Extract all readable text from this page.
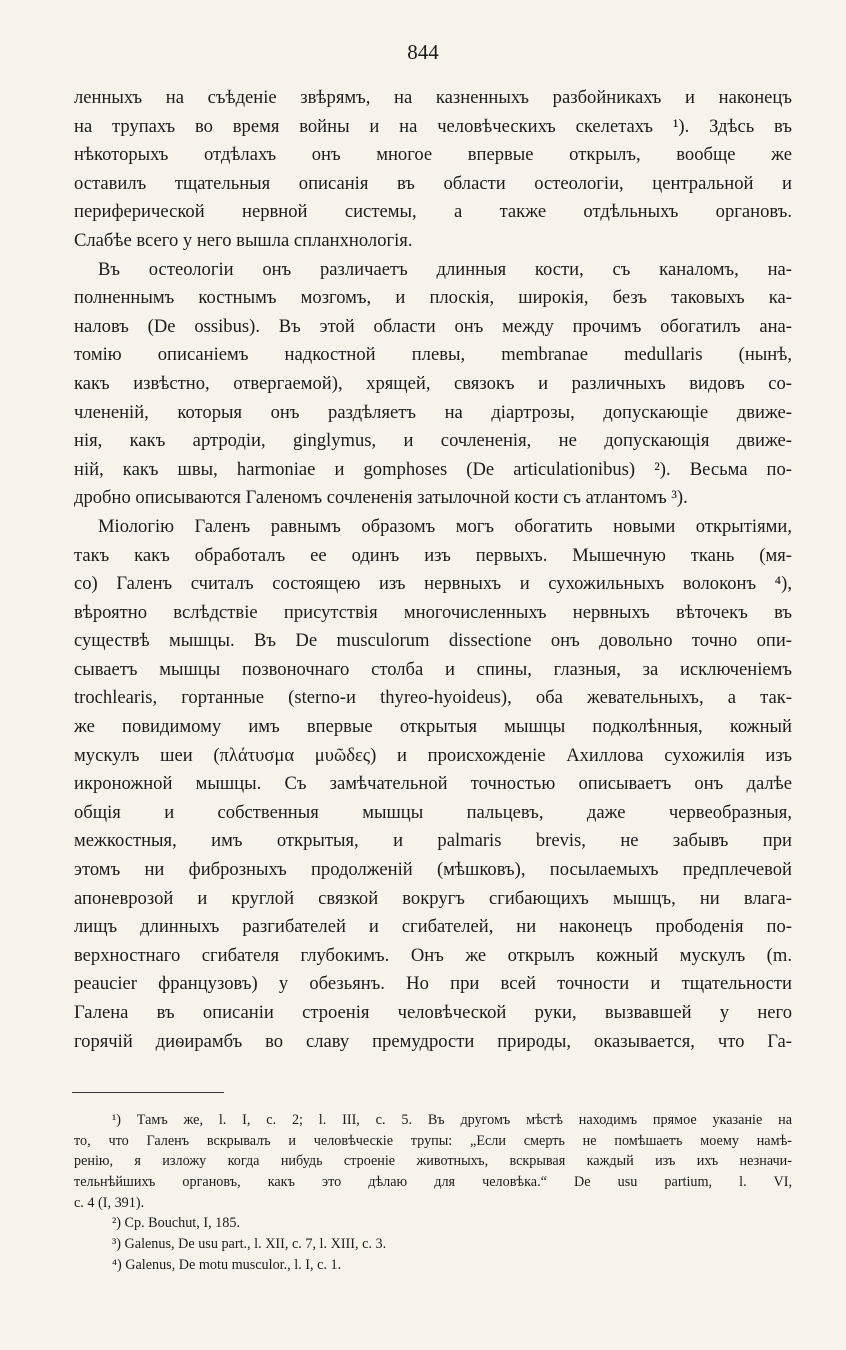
844
ленныхъ на съѣденіе звѣрямъ, на казненныхъ разбойникахъ и наконецъ
на трупахъ во время войны и на человѣческихъ скелетахъ ¹). Здѣсь въ
нѣкоторыхъ отдѣлахъ онъ многое впервые открылъ, вообще же
оставилъ тщательныя описанія въ области остеологіи, центральной и
периферической нервной системы, а также отдѣльныхъ органовъ.
Слабѣе всего у него вышла спланхнологія.
Въ остеологіи онъ различаетъ длинныя кости, съ каналомъ, на-
полненнымъ костнымъ мозгомъ, и плоскія, широкія, безъ таковыхъ ка-
наловъ (De ossibus). Въ этой области онъ между прочимъ обогатилъ ана-
томію описаніемъ надкостной плевы, membranae medullaris (нынѣ,
какъ извѣстно, отвергаемой), хрящей, связокъ и различныхъ видовъ со-
члененій, которыя онъ раздѣляетъ на діартрозы, допускающіе движе-
нія, какъ артродіи, ginglymus, и сочлененія, не допускающія движе-
ній, какъ швы, harmoniae и gomphoses (De articulationibus) ²). Весьма по-
дробно описываются Галеномъ сочлененія затылочной кости съ атлантомъ ³).
Міологію Галенъ равнымъ образомъ могъ обогатить новыми открытіями,
такъ какъ обработалъ ее одинъ изъ первыхъ. Мышечную ткань (мя-
со) Галенъ считалъ состоящею изъ нервныхъ и сухожильныхъ волоконъ ⁴),
вѣроятно вслѣдствіе присутствія многочисленныхъ нервныхъ вѣточекъ въ
существѣ мышцы. Въ De musculorum dissectione онъ довольно точно опи-
сываетъ мышцы позвоночнаго столба и спины, глазныя, за исключеніемъ
trochlearis, гортанные (sterno-и thyreo-hyoideus), оба жевательныхъ, а так-
же повидимому имъ впервые открытыя мышцы подколѣнныя, кожный
мускулъ шеи (πλάτυσμα μυῶδες) и происхожденіе Ахиллова сухожилія изъ
икроножной мышцы. Съ замѣчательной точностью описываетъ онъ далѣе
общія и собственныя мышцы пальцевъ, даже червеобразныя,
межкостныя, имъ открытыя, и palmaris brevis, не забывъ при
этомъ ни фиброзныхъ продолженій (мѣшковъ), посылаемыхъ предплечевой
апоневрозой и круглой связкой вокругъ сгибающихъ мышцъ, ни влага-
лищъ длинныхъ разгибателей и сгибателей, ни наконецъ прободенія по-
верхностнаго сгибателя глубокимъ. Онъ же открылъ кожный мускулъ (m.
peaucier французовъ) у обезьянъ. Но при всей точности и тщательности
Галена въ описаніи строенія человѣческой руки, вызвавшей у него
горячій диѳирамбъ во славу премудрости природы, оказывается, что Га-
¹) Тамъ же, l. I, c. 2; l. III, c. 5. Въ другомъ мѣстѣ находимъ прямое указаніе на
то, что Галенъ вскрывалъ и человѣческіе трупы: „Если смерть не помѣшаетъ моему намѣ-
ренію, я изложу когда нибудь строеніе животныхъ, вскрывая каждый изъ ихъ незначи-
тельнѣйшихъ органовъ, какъ это дѣлаю для человѣка.“ De usu partium, l. VI,
c. 4 (I, 391).
²) Cp. Bouchut, I, 185.
³) Galenus, De usu part., l. XII, c. 7, l. XIII, c. 3.
⁴) Galenus, De motu musculor., l. I, c. 1.
